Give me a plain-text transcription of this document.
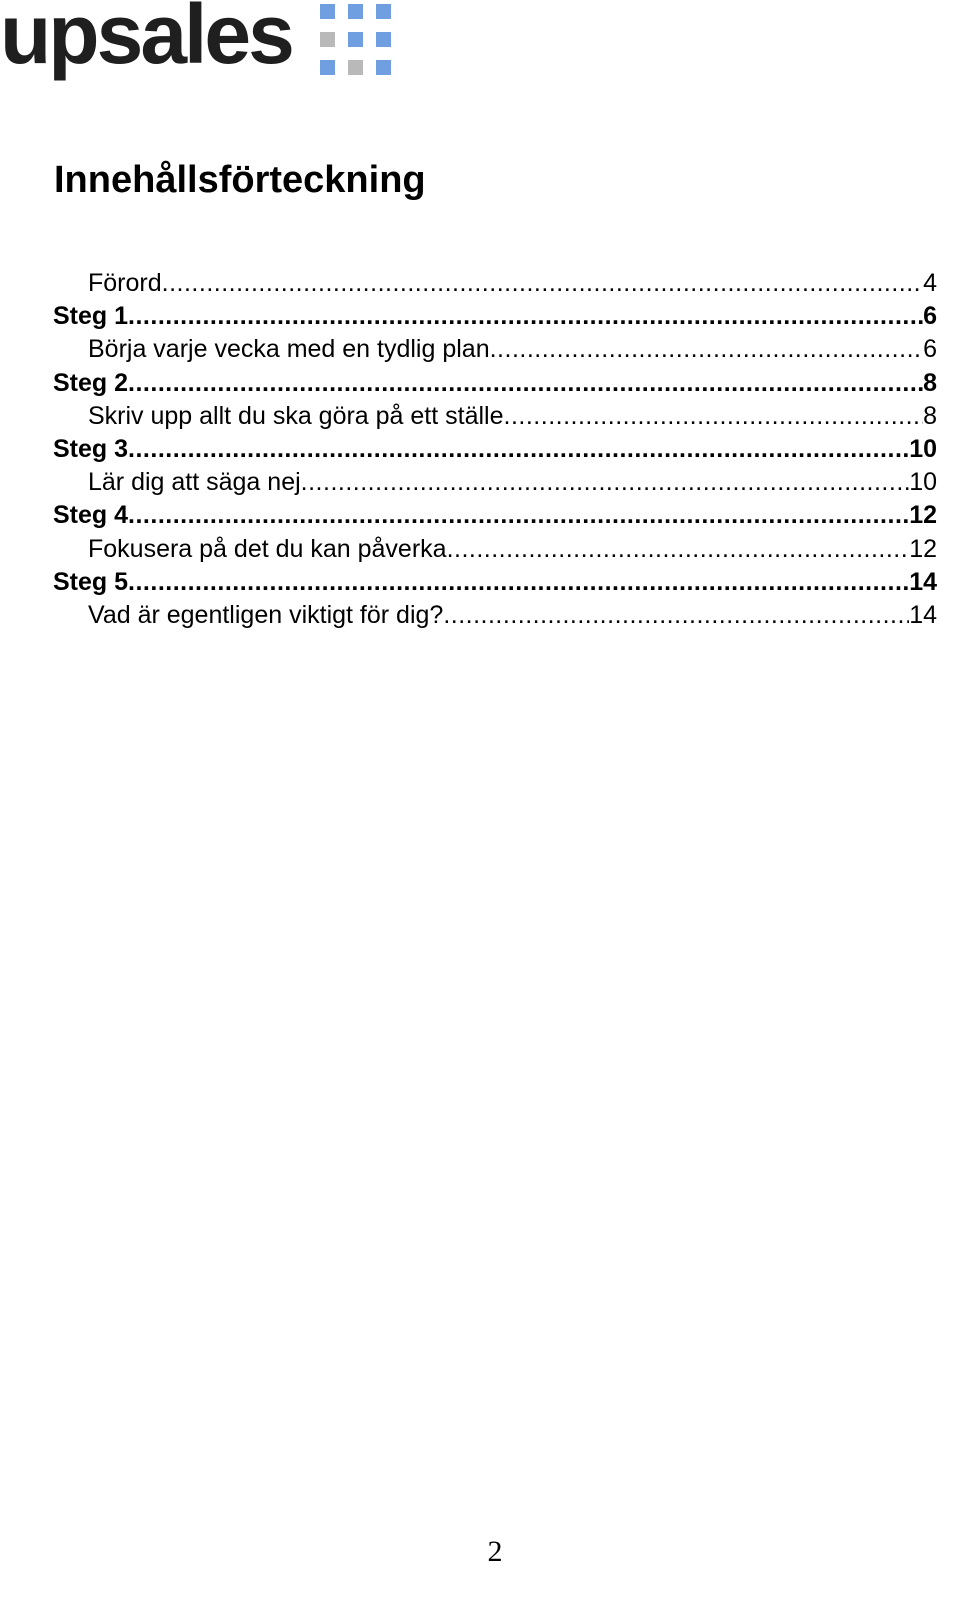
upsales
Innehållsförteckning
Förord .....	4
Steg 1 .....	6
Börja varje vecka med en tydlig plan .....	6
Steg 2 .....	8
Skriv upp allt du ska göra på ett ställe .....	8
Steg 3 .....	10
Lär dig att säga nej .....	10
Steg 4 .....	12
Fokusera på det du kan påverka .....	12
Steg 5 .....	14
Vad är egentligen viktigt för dig? .....	14
2
